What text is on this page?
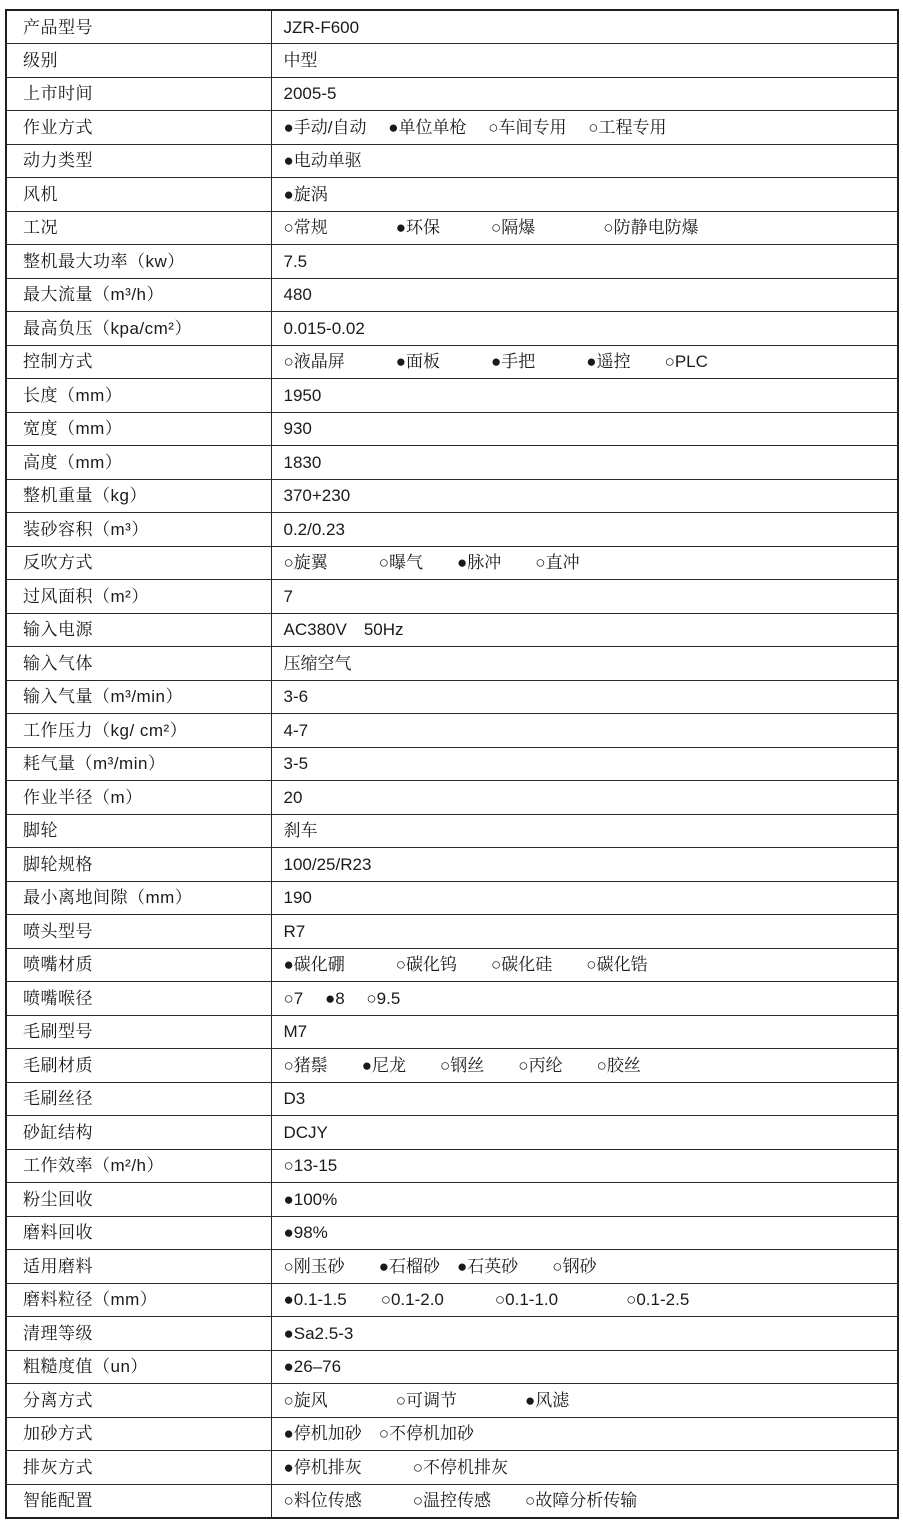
产品型号	JZR-F600
级别	中型
上市时间	2005-5
作业方式	●手动/自动　 ●单位单枪　 ○车间专用　 ○工程专用
动力类型	●电动单驱
风机	●旋涡
工况	○常规　　　　●环保　　　○隔爆　　　　○防静电防爆
整机最大功率（kw）	7.5
最大流量（m³/h）	480
最高负压（kpa/cm²）	0.015-0.02
控制方式	○液晶屏　　　●面板　　　●手把　　　●遥控　　○PLC
长度（mm）	1950
宽度（mm）	930
高度（mm）	1830
整机重量（kg）	370+230
装砂容积（m³）	0.2/0.23
反吹方式	○旋翼　　　○曝气　　●脉冲　　○直冲
过风面积（m²）	7
输入电源	AC380V　50Hz
输入气体	压缩空气
输入气量（m³/min）	3-6
工作压力（kg/ cm²）	4-7
耗气量（m³/min）	3-5
作业半径（m）	20
脚轮	刹车
脚轮规格	100/25/R23
最小离地间隙（mm）	190
喷头型号	R7
喷嘴材质	●碳化硼　　　○碳化钨　　○碳化硅　　○碳化锆
喷嘴喉径	○7　 ●8　 ○9.5
毛刷型号	M7
毛刷材质	○猪鬃　　●尼龙　　○钢丝　　○丙纶　　○胶丝
毛刷丝径	D3
砂缸结构	DCJY
工作效率（m²/h）	○13-15
粉尘回收	●100%
磨料回收	●98%
适用磨料	○刚玉砂　　●石榴砂　●石英砂　　○钢砂
磨料粒径（mm）	●0.1-1.5　　○0.1-2.0　　　○0.1-1.0　　　　○0.1-2.5
清理等级	●Sa2.5-3
粗糙度值（un）	●26–76
分离方式	○旋风　　　　○可调节　　　　●风滤
加砂方式	●停机加砂　○不停机加砂
排灰方式	●停机排灰　　　○不停机排灰
智能配置	○料位传感　　　○温控传感　　○故障分析传输
